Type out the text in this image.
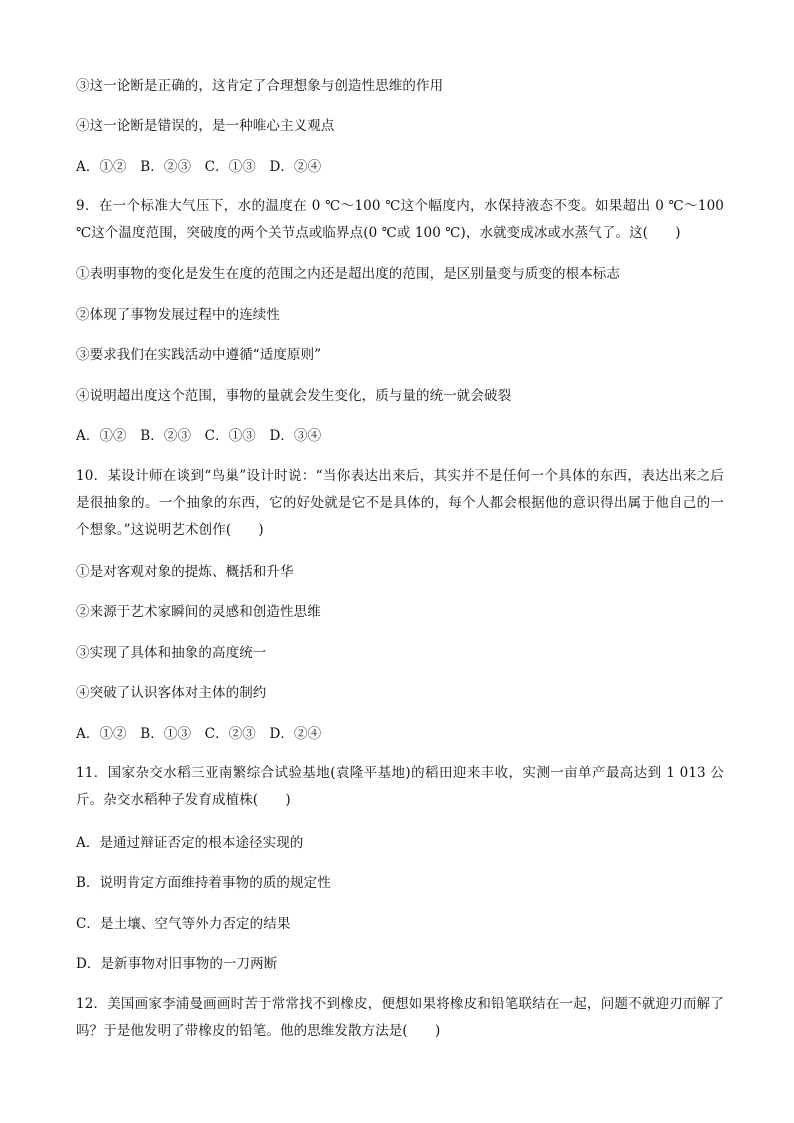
③这一论断是正确的，这肯定了合理想象与创造性思维的作用
④这一论断是错误的，是一种唯心主义观点
A．①②　B．②③　C．①③　D．②④
9．在一个标准大气压下，水的温度在 0 ℃～100 ℃这个幅度内，水保持液态不变。如果超出 0 ℃～100 ℃这个温度范围，突破度的两个关节点或临界点(0 ℃或 100 ℃)，水就变成冰或水蒸气了。这(　　)
①表明事物的变化是发生在度的范围之内还是超出度的范围，是区别量变与质变的根本标志
②体现了事物发展过程中的连续性
③要求我们在实践活动中遵循“适度原则”
④说明超出度这个范围，事物的量就会发生变化，质与量的统一就会破裂
A．①②　B．②③　C．①③　D．③④
10．某设计师在谈到“鸟巢”设计时说：“当你表达出来后，其实并不是任何一个具体的东西，表达出来之后是很抽象的。一个抽象的东西，它的好处就是它不是具体的，每个人都会根据他的意识得出属于他自己的一个想象。”这说明艺术创作(　　)
①是对客观对象的提炼、概括和升华
②来源于艺术家瞬间的灵感和创造性思维
③实现了具体和抽象的高度统一
④突破了认识客体对主体的制约
A．①②　B．①③　C．②③　D．②④
11．国家杂交水稻三亚南繁综合试验基地(袁隆平基地)的稻田迎来丰收，实测一亩单产最高达到 1 013 公斤。杂交水稻种子发育成植株(　　)
A．是通过辩证否定的根本途径实现的
B．说明肯定方面维持着事物的质的规定性
C．是土壤、空气等外力否定的结果
D．是新事物对旧事物的一刀两断
12．美国画家李浦曼画画时苦于常常找不到橡皮，便想如果将橡皮和铅笔联结在一起，问题不就迎刃而解了吗？于是他发明了带橡皮的铅笔。他的思维发散方法是(　　)
